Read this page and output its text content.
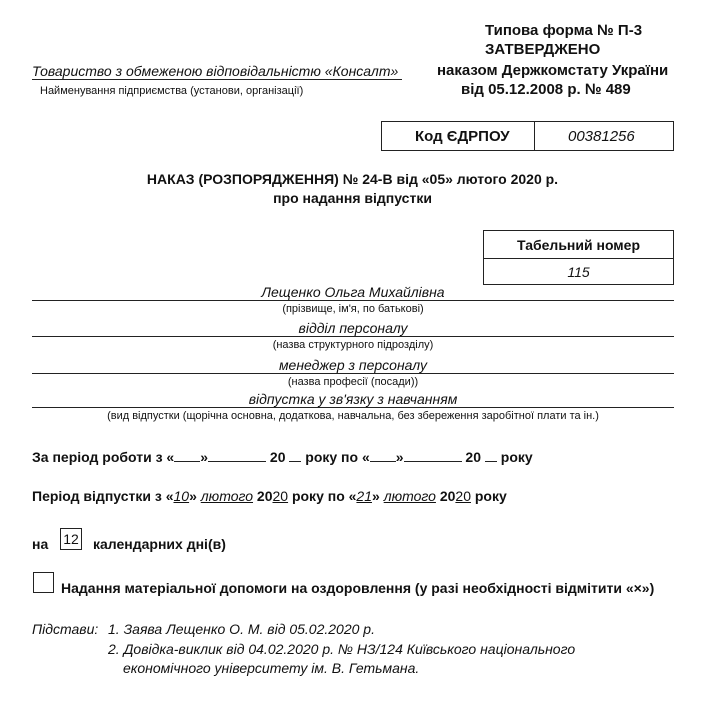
Типова форма № П-3
ЗАТВЕРДЖЕНО
наказом Держкомстату України
від 05.12.2008 р. № 489
Товариство з обмеженою відповідальністю «Консалт»
Найменування підприємства (установи, організації)
Код ЄДРПОУ	00381256
НАКАЗ (РОЗПОРЯДЖЕННЯ) № 24-В від «05» лютого 2020 р.
про надання відпустки
Табельний номер
115
Лещенко Ольга Михайлівна
(прізвище, ім'я, по батькові)
відділ персоналу
(назва структурного підрозділу)
менеджер з персоналу
(назва професії (посади))
відпустка у зв'язку з навчанням
(вид відпустки (щорічна основна, додаткова, навчальна, без збереження заробітної плати та ін.)
За період роботи з « »	20  року по « »	20  року
Період відпустки з «10» лютого 2020 року по «21» лютого 2020 року
на 12 календарних дні(в)
Надання матеріальної допомоги на оздоровлення (у разі необхідності відмітити «×»)
Підстави: 1. Заява Лещенко О. М. від 05.02.2020 р.
2. Довідка-виклик від 04.02.2020 р. № НЗ/124 Київського національного
економічного університету ім. В. Гетьмана.
